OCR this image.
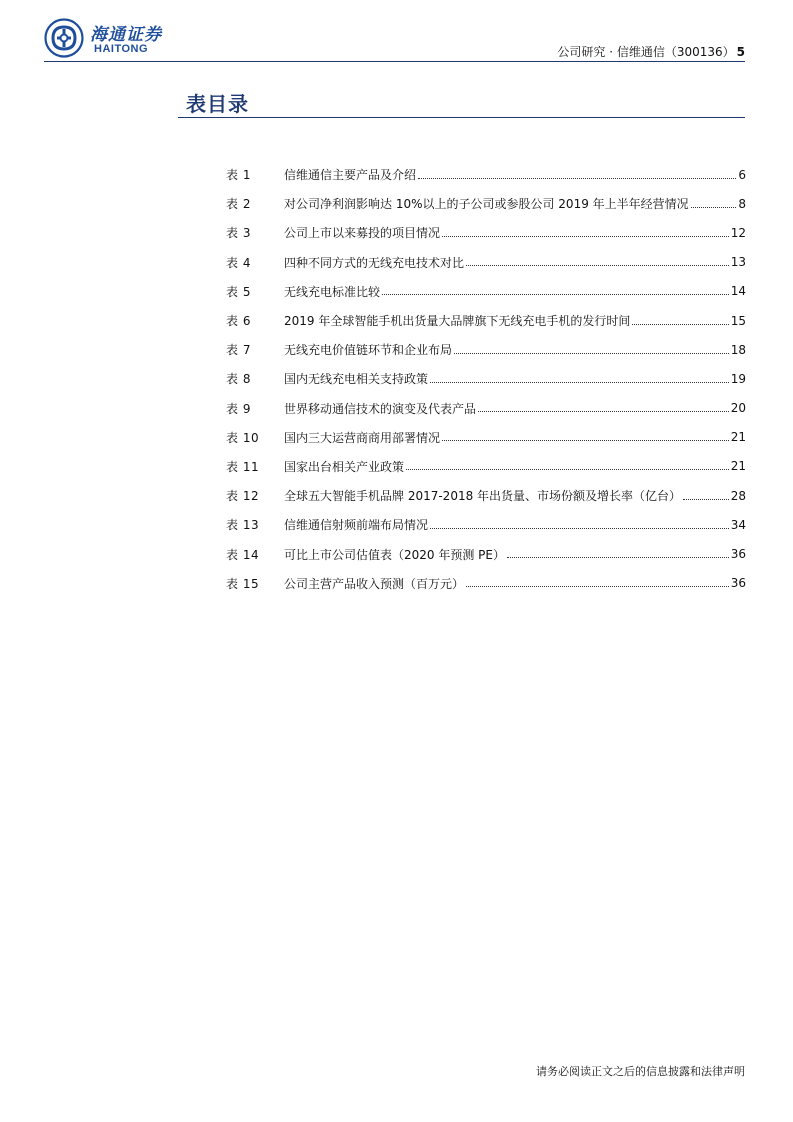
海通证券
HAITONG	公司研究 · 信维通信（300136） 5
表目录
表 1	信维通信主要产品及介绍	6
表 2	对公司净利润影响达 10%以上的子公司或参股公司 2019 年上半年经营情况	8
表 3	公司上市以来募投的项目情况	12
表 4	四种不同方式的无线充电技术对比	13
表 5	无线充电标准比较	14
表 6	2019 年全球智能手机出货量大品牌旗下无线充电手机的发行时间	15
表 7	无线充电价值链环节和企业布局	18
表 8	国内无线充电相关支持政策	19
表 9	世界移动通信技术的演变及代表产品	20
表 10	国内三大运营商商用部署情况	21
表 11	国家出台相关产业政策	21
表 12	全球五大智能手机品牌 2017-2018 年出货量、市场份额及增长率（亿台）	28
表 13	信维通信射频前端布局情况	34
表 14	可比上市公司估值表（2020 年预测 PE）	36
表 15	公司主营产品收入预测（百万元）	36
请务必阅读正文之后的信息披露和法律声明
